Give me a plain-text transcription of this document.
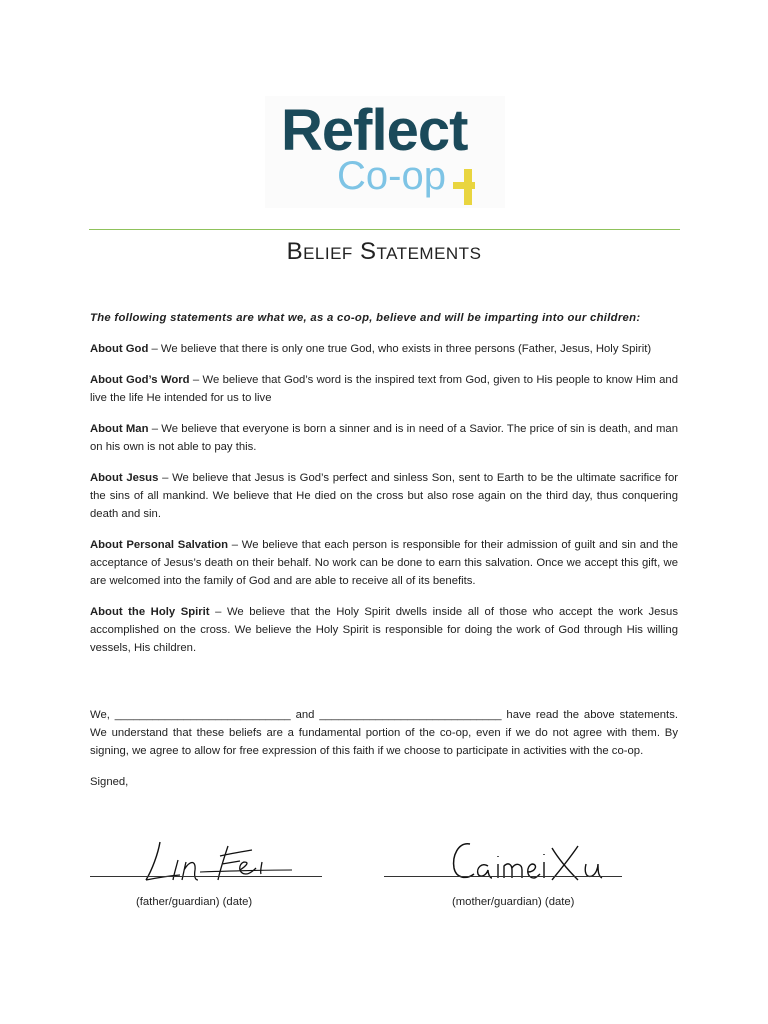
Reflect
Co-op
Belief Statements

The following statements are what we, as a co-op, believe and will be imparting into our children:

About God – We believe that there is only one true God, who exists in three persons (Father, Jesus, Holy Spirit)

About God’s Word – We believe that God’s word is the inspired text from God, given to His people to know Him and live the life He intended for us to live

About Man – We believe that everyone is born a sinner and is in need of a Savior. The price of sin is death, and man on his own is not able to pay this.

About Jesus – We believe that Jesus is God’s perfect and sinless Son, sent to Earth to be the ultimate sacrifice for the sins of all mankind. We believe that He died on the cross but also rose again on the third day, thus conquering death and sin.

About Personal Salvation – We believe that each person is responsible for their admission of guilt and sin and the acceptance of Jesus’s death on their behalf. No work can be done to earn this salvation. Once we accept this gift, we are welcomed into the family of God and are able to receive all of its benefits.

About the Holy Spirit – We believe that the Holy Spirit dwells inside all of those who accept the work Jesus accomplished on the cross. We believe the Holy Spirit is responsible for doing the work of God through His willing vessels, His children.

We, ____________________________ and _____________________________ have read the above statements. We understand that these beliefs are a fundamental portion of the co-op, even if we do not agree with them. By signing, we agree to allow for free expression of this faith if we choose to participate in activities with the co-op.

Signed,

(father/guardian) (date)	(mother/guardian) (date)
